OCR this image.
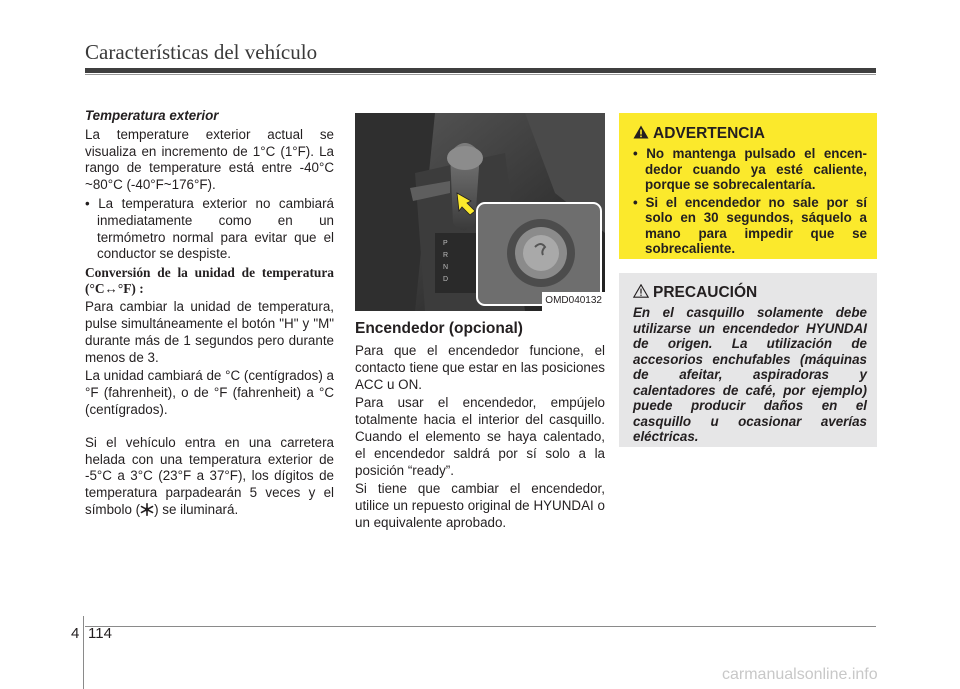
Características del vehículo

Temperatura exterior

La temperature exterior actual se visualiza en incremento de 1°C (1°F). La rango de temperature está entre -40°C ~80°C (-40°F~176°F).

• La temperatura exterior no cambiará inmediatamente como en un termómetro normal para evitar que el conductor se despiste.

Conversión de la unidad de temperatura (°C↔°F) :

Para cambiar la unidad de temperatura, pulse simultáneamente el botón "H" y "M" durante más de 1 segundos pero durante menos de 3.

La unidad cambiará de °C (centígrados) a °F (fahrenheit), o de °F (fahrenheit) a °C (centígrados).

Si el vehículo entra en una carretera helada con una temperatura exterior de -5°C a 3°C (23°F a 37°F), los dígitos de temperatura parpadearán 5 veces y el símbolo ( ) se iluminará.

P
R
N
D
OMD040132
Encendedor (opcional)

Para que el encendedor funcione, el contacto tiene que estar en las posiciones ACC u ON.

Para usar el encendedor, empújelo totalmente hacia el interior del casquillo. Cuando el elemento se haya calentado, el encendedor saldrá por sí solo a la posición “ready”.

Si tiene que cambiar el encendedor, utilice un repuesto original de HYUNDAI o un equivalente aprobado.

ADVERTENCIA

• No mantenga pulsado el encen-dedor cuando ya esté caliente, porque se sobrecalentaría.

• Si el encendedor no sale por sí solo en 30 segundos, sáquelo a mano para impedir que se sobrecaliente.

PRECAUCIÓN
En el casquillo solamente debe utilizarse un encendedor HYUNDAI de origen. La utilización de accesorios enchufables (máquinas de afeitar, aspiradoras y calentadores de café, por ejemplo) puede producir daños en el casquillo u ocasionar averías eléctricas.
4 114
carmanualsonline.info
